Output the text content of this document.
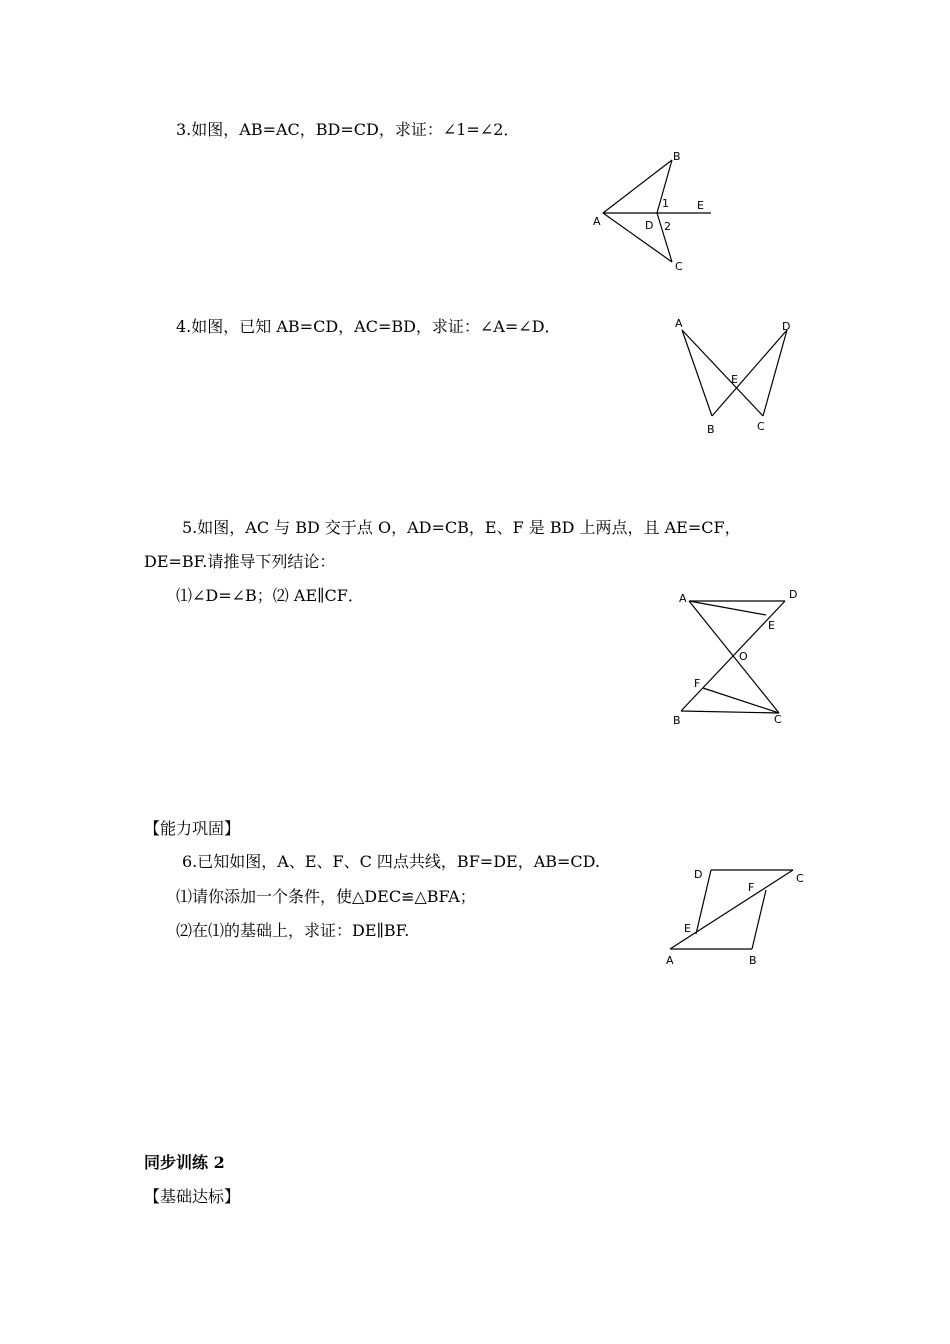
3.如图，AB=AC，BD=CD，求证：∠1=∠2．
B
E
1
A	D 2
C
4.如图，已知 AB=CD，AC=BD，求证：∠A=∠D．	A	D
E
B	C
5.如图，AC 与 BD 交于点 O，AD=CB，E、F 是 BD 上两点，且 AE=CF，
DE=BF.请推导下列结论：
⑴∠D=∠B；⑵ AE∥CF．	A	D
E
O
F
B	C
【能力巩固】
6.已知如图，A、E、F、C 四点共线，BF=DE，AB=CD.
⑴请你添加一个条件，使△DEC≌△BFA；
⑵在⑴的基础上，求证：DE∥BF.
D	C
F
E
A	B
同步训练 2
【基础达标】
